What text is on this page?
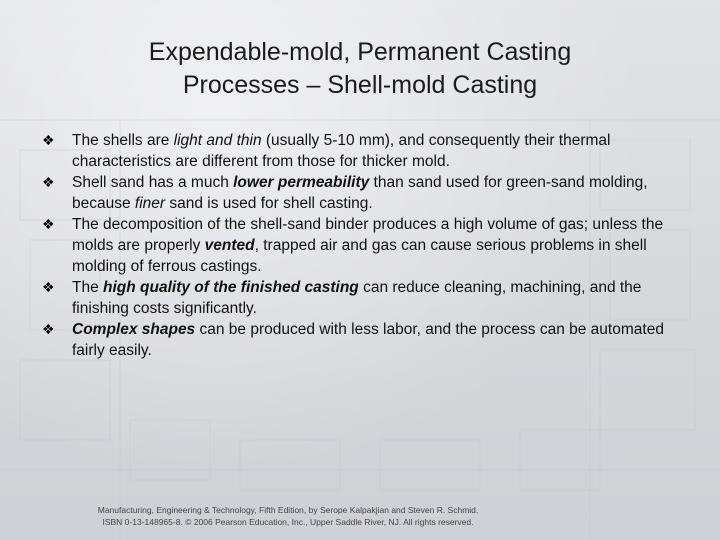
Expendable-mold, Permanent Casting
Processes – Shell-mold Casting
❖ The shells are light and thin (usually 5-10 mm), and consequently their thermal characteristics are different from those for thicker mold.
❖ Shell sand has a much lower permeability than sand used for green-sand molding, because finer sand is used for shell casting.
❖ The decomposition of the shell-sand binder produces a high volume of gas; unless the molds are properly vented, trapped air and gas can cause serious problems in shell molding of ferrous castings.
❖ The high quality of the finished casting can reduce cleaning, machining, and the finishing costs significantly.
❖ Complex shapes can be produced with less labor, and the process can be automated fairly easily.
Manufacturing, Engineering & Technology, Fifth Edition, by Serope Kalpakjian and Steven R. Schmid.
ISBN 0-13-148965-8. © 2006 Pearson Education, Inc., Upper Saddle River, NJ. All rights reserved.
